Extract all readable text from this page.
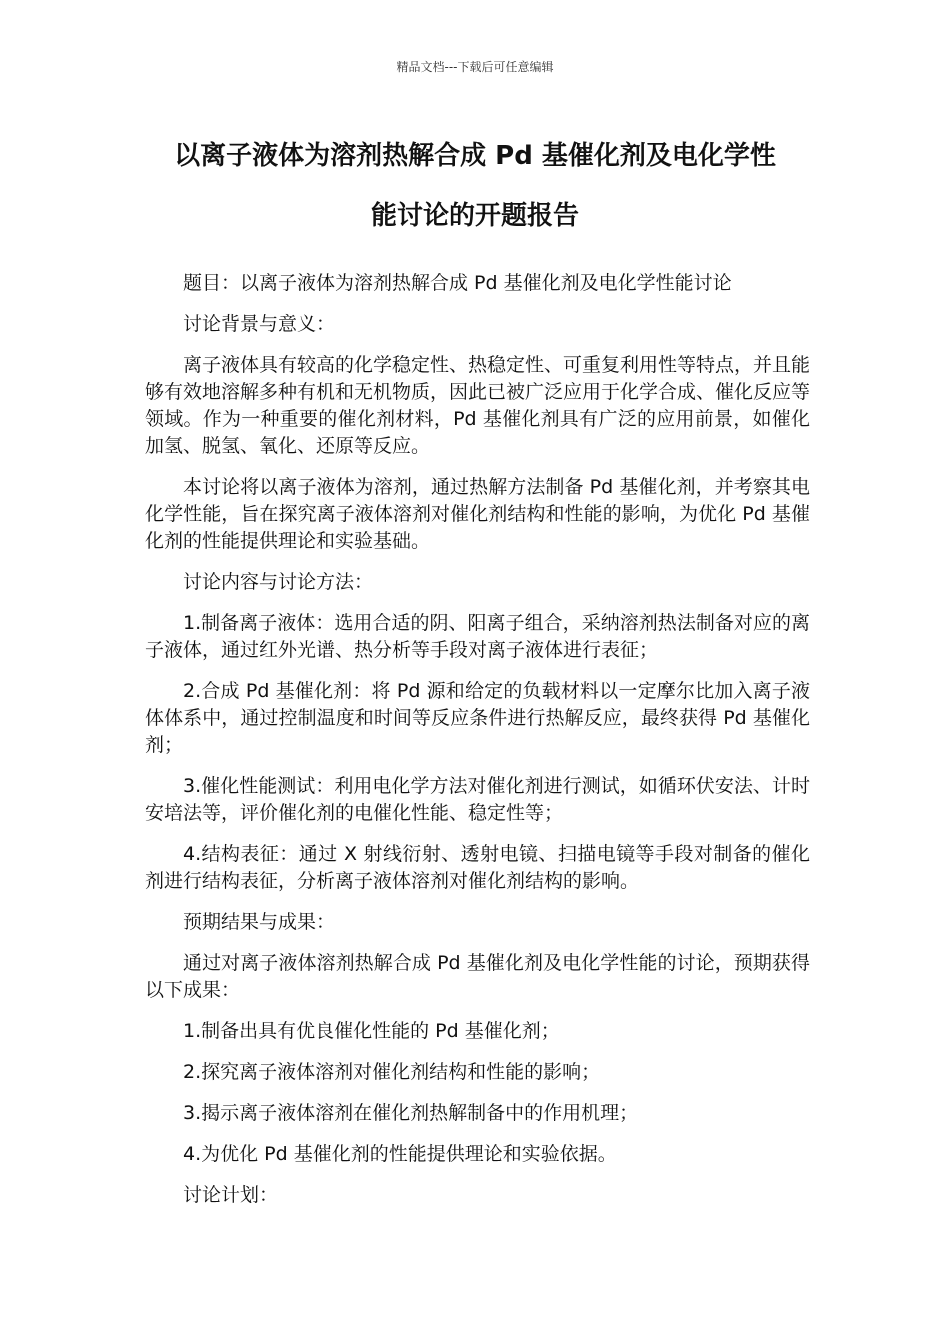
精品文档---下载后可任意编辑
以离子液体为溶剂热解合成 Pd 基催化剂及电化学性
能讨论的开题报告

题目：以离子液体为溶剂热解合成 Pd 基催化剂及电化学性能讨论

讨论背景与意义：

离子液体具有较高的化学稳定性、热稳定性、可重复利用性等特点，并且能够有效地溶解多种有机和无机物质，因此已被广泛应用于化学合成、催化反应等领域。作为一种重要的催化剂材料，Pd 基催化剂具有广泛的应用前景，如催化加氢、脱氢、氧化、还原等反应。

本讨论将以离子液体为溶剂，通过热解方法制备 Pd 基催化剂，并考察其电化学性能，旨在探究离子液体溶剂对催化剂结构和性能的影响，为优化 Pd 基催化剂的性能提供理论和实验基础。

讨论内容与讨论方法：

1.制备离子液体：选用合适的阴、阳离子组合，采纳溶剂热法制备对应的离子液体，通过红外光谱、热分析等手段对离子液体进行表征；

2.合成 Pd 基催化剂：将 Pd 源和给定的负载材料以一定摩尔比加入离子液体体系中，通过控制温度和时间等反应条件进行热解反应，最终获得 Pd 基催化剂；

3.催化性能测试：利用电化学方法对催化剂进行测试，如循环伏安法、计时安培法等，评价催化剂的电催化性能、稳定性等；

4.结构表征：通过 X 射线衍射、透射电镜、扫描电镜等手段对制备的催化剂进行结构表征，分析离子液体溶剂对催化剂结构的影响。

预期结果与成果：

通过对离子液体溶剂热解合成 Pd 基催化剂及电化学性能的讨论，预期获得以下成果：

1.制备出具有优良催化性能的 Pd 基催化剂；

2.探究离子液体溶剂对催化剂结构和性能的影响；

3.揭示离子液体溶剂在催化剂热解制备中的作用机理；

4.为优化 Pd 基催化剂的性能提供理论和实验依据。

讨论计划：
